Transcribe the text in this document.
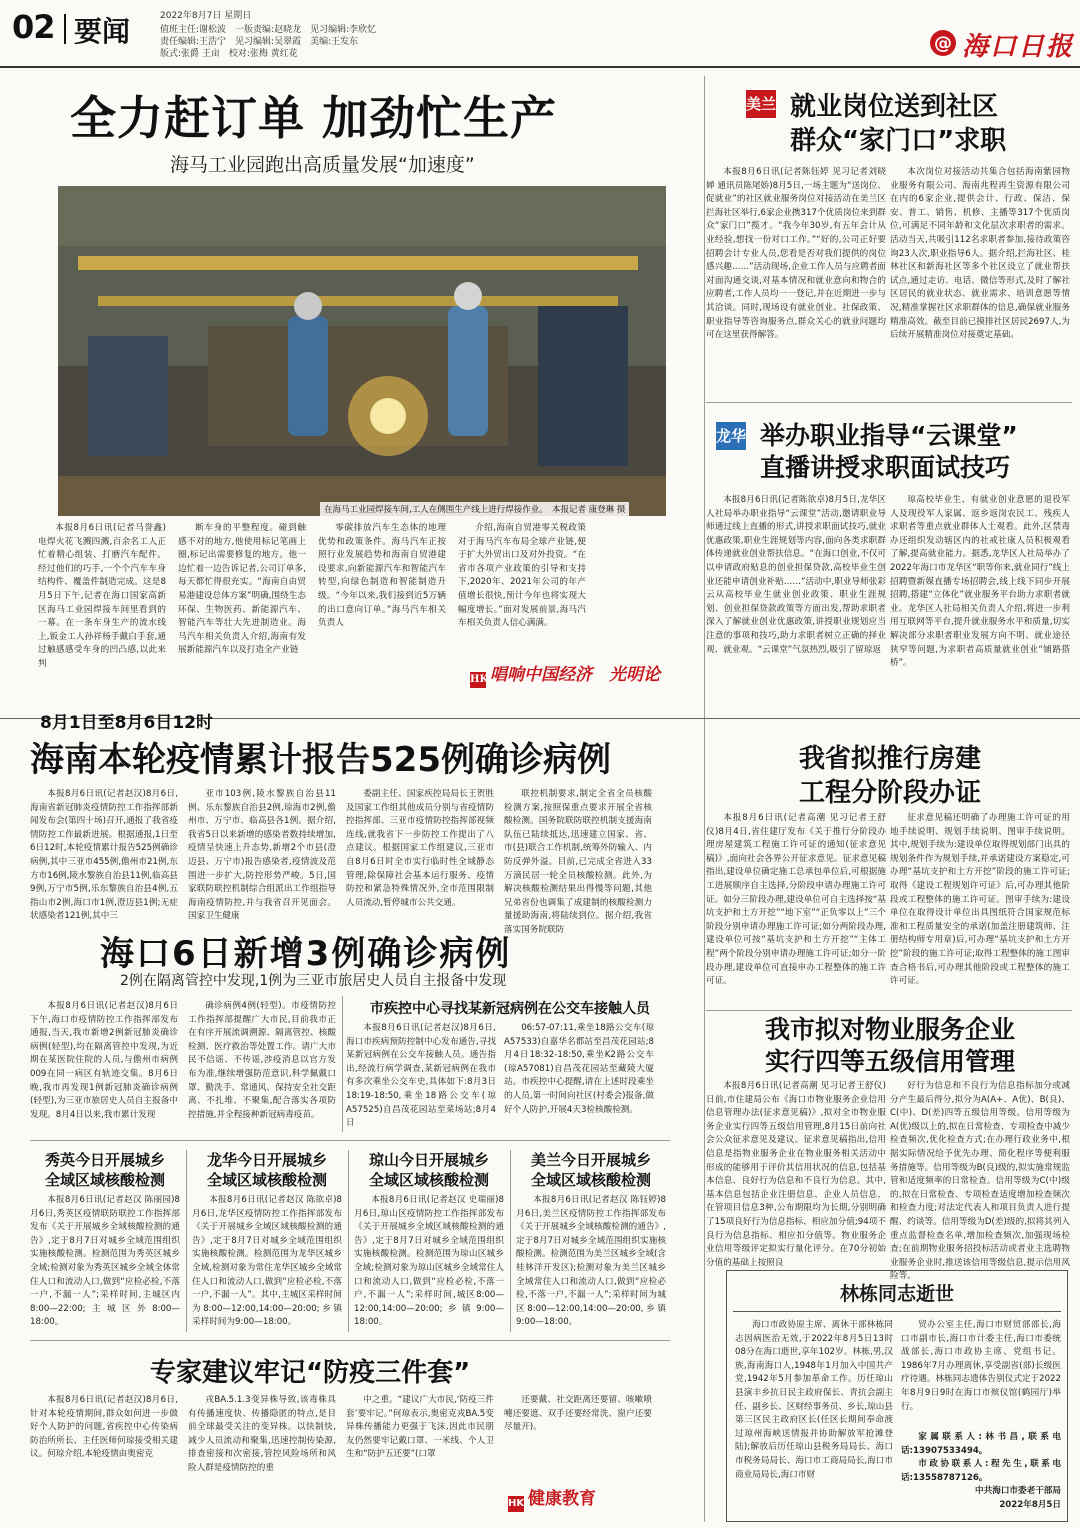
02 要闻	2022年8月7日 星期日
值班主任:谢松波　一版责编:赵晓龙　见习编辑:李欣忆
责任编辑:王浩宁　见习编辑:吴翠霞　美编:王发东
版式:张爵 王亩　校对:张梅 黄红花
@ 海口日报
全力赶订单 加劲忙生产
海马工业园跑出高质量发展“加速度”
在海马工业园焊接车间,工人在侧围生产线上进行焊接作业。　本报记者 康登琳 摄

本报8月6日讯(记者马誉鑫)电焊火花飞溅四溅,百余名工人正忙着精心组装、打磨汽车配件。经过他们的巧手,一个个汽车车身结构件、覆盖件制造完成。这是8月5日下午,记者在海口国家高新区海马工业园焊接车间里看到的一幕。在一条车身生产的流水线上,钣金工人孙祥杨手戴白手套,通过触感感受车身的凹凸感,以此来判

断车身的平整程度。碰到触感不对的地方,他使用标记笔画上圈,标记出需要修复的地方。他一边忙着一边告诉记者,公司订单多,每天都忙得很充实。“海南自由贸易港建设总体方案”明确,围绕生态环保、生物医药、新能源汽车、智能汽车等壮大先进制造业。海马汽车相关负责人介绍,海南有发展新能源汽车以及打造全产业链

零碳排放汽车生态体的地理优势和政策条件。海马汽车正按照行业发展趋势和海南自贸港建设要求,向新能源汽车和智能汽车转型,向绿色制造和智能制造升级。“今年以来,我们接到近5万辆的出口意向订单。”海马汽车相关负责人

介绍,海南自贸港零关税政策对于海马汽车布局全球产业链,便于扩大外贸出口及对外投资。“在省市各项产业政策的引导和支持下,2020年、2021年公司的年产值增长很快,预计今年也将实现大幅度增长。”面对发展前景,海马汽车相关负责人信心满满。

HK 唱响中国经济　光明论
美兰 就业岗位送到社区
群众“家门口”求职

本报8月6日讯(记者陈钰婷 见习记者刘晓婵 通讯员陈尾娇)8月5日,一场主题为“送岗位、促就业”的社区就业服务岗位对接活动在美兰区拦海社区举行,6家企业携317个优质岗位来到群众“家门口”揽才。“我今年30岁,有五年会计从业经验,想找一份对口工作。”“好的,公司正好要招聘会计专业人员,您看是否对我们提供的岗位感兴趣……”活动现场,企业工作人员与应聘者面对面沟通交谈,对基本情况和就业意向和物合的应聘者,工作人员均一一登记,并在近期进一步与其洽谈。同时,现场设有就业创业、社保政策、职业指导等咨询服务点,群众关心的就业问题均可在这里获得解答。

本次岗位对接活动共集合包括海南紫园物业服务有限公司、海南兆程再生资源有限公司在内的6家企业,提供会计、行政、保洁、保安、普工、销售、机修、主播等317个优质岗位,可满足不同年龄和文化层次求职者的需求。活动当天,共吸引112名求职者参加,接待政策咨询23人次,职业指导6人。据介绍,拦海社区、桂林社区和新海社区等多个社区设立了就业帮扶试点,通过走访、电话、微信等形式,及时了解社区居民的就业状态、就业需求、培训意愿等情况,精准掌握社区求职群体的信息,确保就业服务精准高效。截至目前已摸排社区居民2697人,为后续开展精准岗位对接奠定基础。

龙华 举办职业指导“云课堂”
直播讲授求职面试技巧

本报8月6日讯(记者陈欲卓)8月5日,龙华区人社局举办职业指导“云课堂”活动,邀请职业导师通过线上直播的形式,讲授求职面试技巧,就业优惠政策,职业生涯规划等内容,面向各类求职群体传递就业创业帮扶信息。“在海口创业,不仅可以申请政府贴息的创业担保贷款,高校毕业生创业还能申请创业补贴……”活动中,职业导师张彩云从高校毕业生就业创业政策、职业生涯规划、创业担保贷款政策等方面出发,帮助求职者深入了解就业创业优惠政策,讲授职业规划应当注意的事项和技巧,助力求职者树立正确的择业观、就业观。“云课堂”气氛热烈,吸引了留琼返

琼高校毕业生、有就业创业意愿的退役军人及现役军人家属、返乡返岗农民工、残疾人求职者等重点就业群体人士观看。此外,区禁毒办还组织发动辖区内的社戒社康人员积极观看了解,提高就业能力。据悉,龙华区人社局举办了2022年海口市龙华区“职等你来,就业同行”线上招聘暨新媒直播专场招聘会,线上线下同步开展招聘,搭建“立体化”就业服务平台助力求职者就业。龙华区人社局相关负责人介绍,将进一步利用互联网等平台,提升就业服务水平和质量,切实解决部分求职者职业发展方向不明、就业途径狭窄等问题,为求职者高质量就业创业“铺路搭桥”。

8月1日至8月6日12时
海南本轮疫情累计报告525例确诊病例

本报8月6日讯(记者赵汉)8月6日,海南省新冠肺炎疫情防控工作指挥部新闻发布会(第四十场)召开,通报了我省疫情防控工作最新进展。根据通报,1日至6日12时,本轮疫情累计报告525例确诊病例,其中三亚市455例,儋州市21例,东方市16例,陵水黎族自治县11例,临高县9例,万宁市5例,乐东黎族自治县4例,五指山市2例,海口市1例,澄迈县1例;无症状感染者121例,其中三

亚市103例,陵水黎族自治县11例、乐东黎族自治县2例,琼海市2例,儋州市、万宁市、临高县各1例。据介绍,我省5日以来新增的感染者数持续增加,疫情呈快速上升态势,新增2个市县(澄迈县、万宁市)报告感染者,疫情波及范围进一步扩大,防控形势严峻。5日,国家联防联控机制综合组派出工作组指导海南疫情防控,并与我省召开见面会。国家卫生健康

委副主任、国家疾控局局长王贺胜及国家工作组其他成员分别与省疫情防控指挥部、三亚市疫情防控指挥部视频连线,就我省下一步防控工作提出了八点建议。根据国家工作组建议,三亚市自8月6日时全市实行临时性全域静态管理,除保障社会基本运行服务、疫情防控和紧急特殊情况外,全市范围限制人员流动,暂停城市公共交通。

联控机制要求,制定全省全员核酸检测方案,按照保重点要求开展全省核酸检测。国务院联防联控机制支援海南队伍已陆续抵达,迅速建立国家、省、市(县)联合工作机制,统筹外防输入、内防反弹外溢。目前,已完成全省进入33万滴民居一轮全员核酸检测。此外,为解决核酸检测结果出得慢等问题,其他兄弟省份也调集了成建制的核酸检测力量援助海南,将陆续到位。据介绍,我省落实国务院联防

我省拟推行房建
工程分阶段办证

本报8月6日讯(记者高潮 见习记者王舒仪)8月4日,省住建厅发布《关于推行分阶段办理房屋建筑工程施工许可证的通知(征求意见稿)》,面向社会各界公开征求意见。征求意见稿指出,建设单位确定施工总承包单位后,可根据施工进展顺序自主选择,分阶段申请办理施工许可证。如分三阶段办理,建设单位可自主选择按“基坑支护和土方开挖”“地下室”“正负零以上”三个阶段分别申请办理施工许可证;如分两阶段办理,建设单位可按“基坑支护和土方开挖”“主体工程”两个阶段分别申请办理施工许可证;如分一阶段办理,建设单位可直接申办工程整体的施工许可证。

征求意见稿还明确了办理施工许可证的用地手续说明、规划手续说明、图审手续说明。其中,规划手续为:建设单位取得规划部门出具的规划条件作为规划手续,并承诺建设方案稳定,可办理“基坑支护和土方开挖”阶段的施工许可证;取得《建设工程规划许可证》后,可办理其他阶段或工程整体的施工许可证。图审手续为:建设单位在取得设计单位出具图纸符合国家规范标准和工程质量安全的承诺(加盖注册建筑师、注册结构师专用章)后,可办理“基坑支护和土方开挖”阶段的施工许可证;取得工程整体的施工图审查合格书后,可办理其他阶段或工程整体的施工许可证。

海口6日新增3例确诊病例
2例在隔离管控中发现,1例为三亚市旅居史人员自主报备中发现

本报8月6日讯(记者赵汉)8月6日下午,海口市疫情防控工作指挥部发布通报,当天,我市新增2例新冠肺炎确诊病例(轻型),均在隔离管控中发现,为近期在某医院住院的人员,与儋州市病例009在同一病区有轨迹交集。8月6日晚,我市再发现1例新冠肺炎确诊病例(轻型),为三亚市旅居史人员自主报备中发现。8月4日以来,我市累计发现

确诊病例4例(轻型)。市疫情防控工作指挥部提醒广大市民,目前我市正在有序开展流调溯源、隔离管控、核酸检测、医疗救治等处置工作。请广大市民不信谣、不传谣,涉疫消息以官方发布为准,继续增强防范意识,科学佩戴口罩、勤洗手、常通风、保持安全社交距离、不扎堆、不聚集,配合落实各项防控措施,并全程接种新冠病毒疫苗。

市疾控中心寻找某新冠病例在公交车接触人员

本报8月6日讯(记者赵汉)8月6日,海口市疾病预防控制中心发布通告,寻找某新冠病例在公交车接触人员。通告指出,经流行病学调查,某新冠病例在我市有多次乘坐公交车史,具体如下:8月3日18:19-18:50,乘坐18路公交车(琼A57525)自昌茂花园站至菜场站;8月4日

06:57-07:11,乘坐18路公交车(琼A57533)自嘉华名都站至昌茂花园站;8月4日18:32-18:50,乘坐K2路公交车(琼A57081)自昌茂花园站至藏陵大厦站。市疾控中心提醒,请在上述时段乘坐的人员,第一时间向社区(村委会)报备,做好个人防护,开展4天3检核酸检测。

我市拟对物业服务企业
实行四等五级信用管理

本报8月6日讯(记者高潮 见习记者王舒仪)日前,市住建局公布《海口市物业服务企业信用信息管理办法(征求意见稿)》,拟对全市物业服务企业实行四等五级信用管理,8月15日前向社会公众征求意见及建议。征求意见稿指出,信用信息是指物业服务企业在物业服务相关活动中形成的能够用于评价其信用状况的信息,包括基本信息、良好行为信息和不良行为信息。其中,基本信息包括企业注册信息、企业人员信息、在管项目信息3种,公布期限均为长期,分别明确了15项良好行为信息指标、相应加分值;94项不良行为信息指标、相应扣分值等。物业服务企业信用等级评定拟实行量化评分。在70分初始分值的基础上按照良

好行为信息和不良行为信息指标加分或减分产生最后得分,拟分为A(A+、A优)、B(良)、C(中)、D(差)四等五级信用等级。信用等级为A(优)级以上的,拟在日常检查、专项检查中减少检查频次,优化检查方式;在办理行政业务中,根据实际情况给予优先办理、简化程序等便利服务措施等。信用等级为B(良)级的,拟实施常规监管和适度频率的日常检查。信用等级为C(中)级的,拟在日常检查、专项检查适度增加检查频次和检查力度;对法定代表人和项目负责人进行提醒、约谈等。信用等级为D(差)级的,拟将其列入重点监督检查名单,增加检查频次,加强现场检查;在前期物业服务招投标活动或者业主选聘物业服务企业时,推送该信用等级信息,提示信用风险等。

秀英今日开展城乡
全域区域核酸检测

本报8月6日讯(记者赵汉 陈丽园)8月6日,秀英区疫情联防联控工作指挥部发布《关于开展城乡全域核酸检测的通告》,定于8月7日对城乡全域范围组织实施核酸检测。检测范围为秀英区城乡全域;检测对象为秀英区城乡全域全体常住人口和流动人口,做到“应检必检,不落一户,不漏一人”;采样时间,主城区内8:00—22:00;主城区外8:00—18:00。

龙华今日开展城乡
全域区域核酸检测

本报8月6日讯(记者赵汉 陈欲卓)8月6日,龙华区疫情防控工作指挥部发布《关于开展城乡全域区域核酸检测的通告》,定于8月7日对城乡全域范围组织实施核酸检测。检测范围为龙华区城乡全域,检测对象为常住龙华区城乡全域常住人口和流动人口,做到“应检必检,不落一户,不漏一人”。其中,主城区采样时间为8:00—12:00,14:00—20:00;乡镇采样时间为9:00—18:00。

琼山今日开展城乡
全域区域核酸检测

本报8月6日讯(记者赵汉 史瑞丽)8月6日,琼山区疫情防控工作指挥部发布《关于开展城乡全域区域核酸检测的通告》,定于8月7日对城乡全域范围组织实施核酸检测。检测范围为琼山区城乡全域;检测对象为琼山区城乡全域常住人口和流动人口,做到“应检必检,不落一户,不漏一人”;采样时间,城区8:00—12:00,14:00—20:00;乡镇9:00—18:00。

美兰今日开展城乡
全域区域核酸检测

本报8月6日讯(记者赵汉 陈钰婷)8月6日,美兰区疫情防控工作指挥部发布《关于开展城乡全域核酸检测的通告》,定于8月7日对城乡全域范围组织实施核酸检测。检测范围为美兰区城乡全域(含桂林洋开发区);检测对象为美兰区城乡全域常住人口和流动人口,做到“应检必检,不落一户,不漏一人”;采样时间为城区8:00—12:00,14:00—20:00,乡镇9:00—18:00。

专家建议牢记“防疫三件套”

本报8月6日讯(记者赵汉)8月6日,针对本轮疫情期间,群众如何进一步做好个人防护的问题,省疾控中心传染病防治所所长、主任医师何琼接受相关建议。何琼介绍,本轮疫情由奥密克

戎BA.5.1.3变异株导致,该毒株具有传播速度快、传播隐匿的特点,是目前全球最受关注的变异株。以快制快,减少人员流动和聚集,迅速控制传染源,排查密接和次密接,管控风险场所和风险人群是疫情防控的重

中之重。“建议广大市民,‘防疫三件套’要牢记。”何琼表示,奥密克戎BA.5变异株传播能力更强于飞沫,因此市民朋友仍然要牢记戴口罩、一米线、个人卫生和“防护五还要”(口罩

还要戴、社交距离还要留、咳嗽喷嚏还要遮、双手还要经常洗、窗户还要尽量开)。

HK 健康教育
林栋同志逝世

海口市政协原主席、离休干部林栋同志因病医治无效,于2022年8月5日13时08分在海口逝世,享年102岁。林栋,男,汉族,海南海口人,1948年1月加入中国共产党,1942年5月参加革命工作。历任琼山县演丰乡抗日民主政府保长、青抗会副主任、副乡长、区财经事务员、乡长,琼山县第三区民主政府区长(任区长期间奉命渡过琼州海峡送情报并协助解放军抢滩登陆);解放后历任琼山县税务局局长、海口市税务局局长、海口市工商局局长,海口市商业局局长,海口市财

贸办公室主任,海口市财贸部部长,海口市副市长,海口市计委主任,海口市委统战部长,海口市政协主席、党组书记。1986年7月办理离休,享受副省(部)长级医疗待遇。林栋同志遗体告别仪式定于2022年8月9日9时在海口市殡仪馆(鹤园厅)举行。

家属联系人:林书昌,联系电话:13907533494。

市政协联系人:程先生,联系电话:13558787126。

中共海口市委老干部局
2022年8月5日
